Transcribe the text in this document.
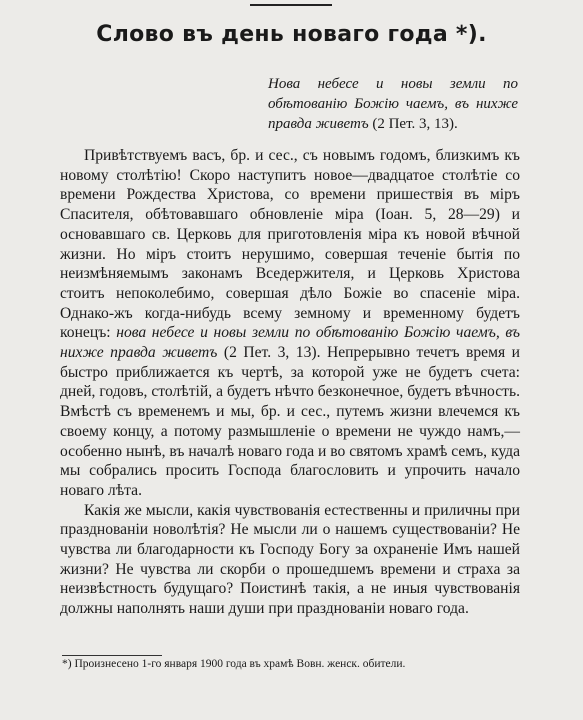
Слово въ день новаго года *).

Нова небесе и новы земли по обѣтованію Божію чаемъ, въ нихже правда живетъ (2 Пет. 3, 13).

Привѣтствуемъ васъ, бр. и сес., съ новымъ годомъ, близкимъ къ новому столѣтію! Скоро наступитъ новое—двадцатое столѣтіе со времени Рождества Христова, со времени пришествія въ міръ Спасителя, обѣтовавшаго обновленіе міра (Іоан. 5, 28—29) и основавшаго св. Церковь для приготовленія міра къ новой вѣчной жизни. Но міръ стоитъ нерушимо, совершая теченіе бытія по неизмѣняемымъ законамъ Вседержителя, и Церковь Христова стоитъ непоколебимо, совершая дѣло Божіе во спасеніе міра. Однако-жъ когда-нибудь всему земному и временному будетъ конецъ: нова небесе и новы земли по обѣтованію Божію чаемъ, въ нихже правда живетъ (2 Пет. 3, 13). Непрерывно течетъ время и быстро приближается къ чертѣ, за которой уже не будетъ счета: дней, годовъ, столѣтій, а будетъ нѣчто безконечное, будетъ вѣчность. Вмѣстѣ съ временемъ и мы, бр. и сес., путемъ жизни влечемся къ своему концу, а потому размышленіе о времени не чуждо намъ,—особенно нынѣ, въ началѣ новаго года и во святомъ храмѣ семъ, куда мы собрались просить Господа благословить и упрочить начало новаго лѣта.

Какія же мысли, какія чувствованія естественны и приличны при празднованіи новолѣтія? Не мысли ли о нашемъ существованіи? Не чувства ли благодарности къ Господу Богу за охраненіе Имъ нашей жизни? Не чувства ли скорби о прошедшемъ времени и страха за неизвѣстность будущаго? Поистинѣ такія, а не иныя чувствованія должны наполнять наши души при празднованіи новаго года.

*) Произнесено 1-го января 1900 года въ храмѣ Вовн. женск. обители.
